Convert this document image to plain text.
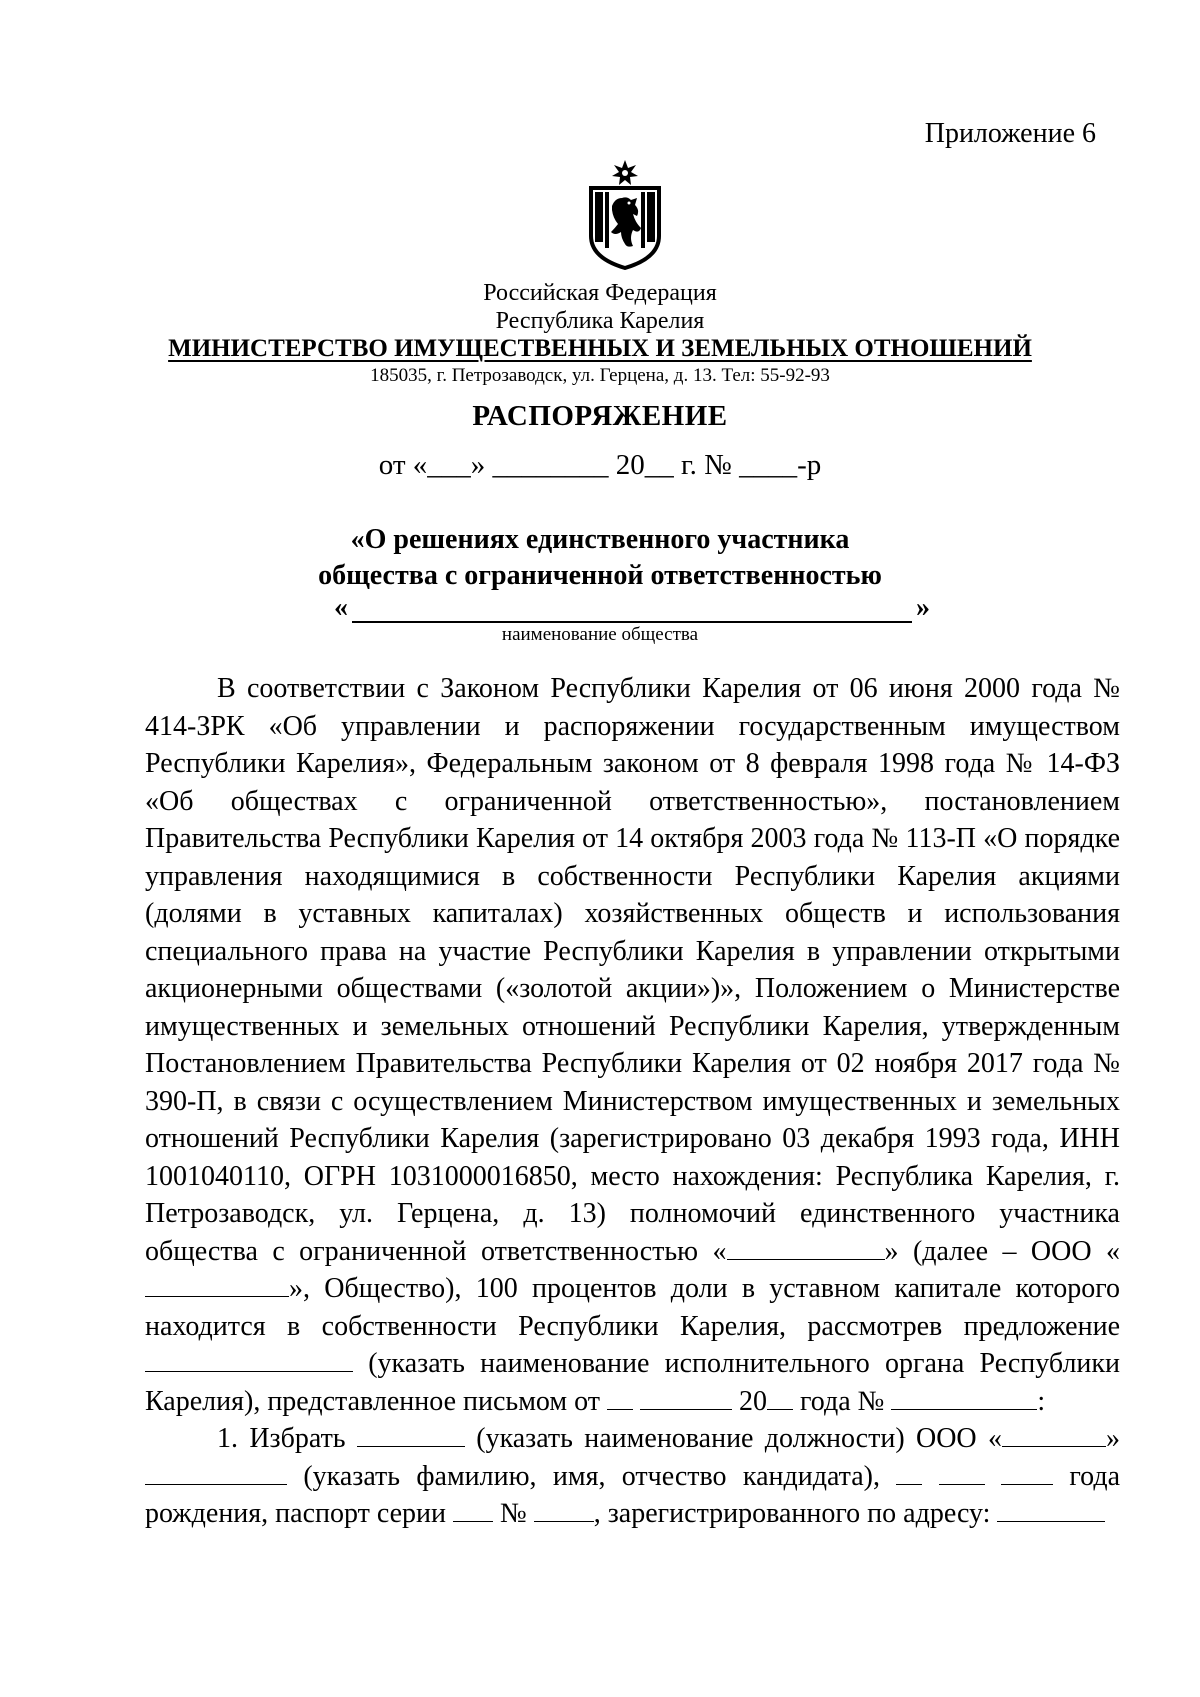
Приложение 6
Российская Федерация
Республика Карелия
МИНИСТЕРСТВО ИМУЩЕСТВЕННЫХ И ЗЕМЕЛЬНЫХ ОТНОШЕНИЙ
185035, г. Петрозаводск, ул. Герцена, д. 13. Тел: 55-92-93
РАСПОРЯЖЕНИЕ
от «___» ________ 20__ г. № ____-р
«О решениях единственного участника
общества с ограниченной ответственностью
«	»
наименование общества

В соответствии с Законом Республики Карелия от 06 июня 2000 года № 414-ЗРК «Об управлении и распоряжении государственным имуществом Республики Карелия», Федеральным законом от 8 февраля 1998 года № 14-ФЗ «Об обществах с ограниченной ответственностью», постановлением Правительства Республики Карелия от 14 октября 2003 года № 113-П «О порядке управления находящимися в собственности Республики Карелия акциями (долями в уставных капиталах) хозяйственных обществ и использования специального права на участие Республики Карелия в управлении открытыми акционерными обществами («золотой акции»)», Положением о Министерстве имущественных и земельных отношений Республики Карелия, утвержденным Постановлением Правительства Республики Карелия от 02 ноября 2017 года № 390-П, в связи с осуществлением Министерством имущественных и земельных отношений Республики Карелия (зарегистрировано 03 декабря 1993 года, ИНН 1001040110, ОГРН 1031000016850, место нахождения: Республика Карелия, г. Петрозаводск, ул. Герцена, д. 13) полномочий единственного участника общества с ограниченной ответственностью «	» (далее – ООО «», Общество), 100 процентов доли в уставном капитале которого находится в собственности Республики Карелия, рассмотрев предложение  (указать наименование исполнительного органа Республики Карелия), представленное письмом от	20 года №	:

1. Избрать	(указать наименование должности) ООО «	»  (указать фамилию, имя, отчество кандидата),	года рождения, паспорт серии  № , зарегистрированного по адресу:
